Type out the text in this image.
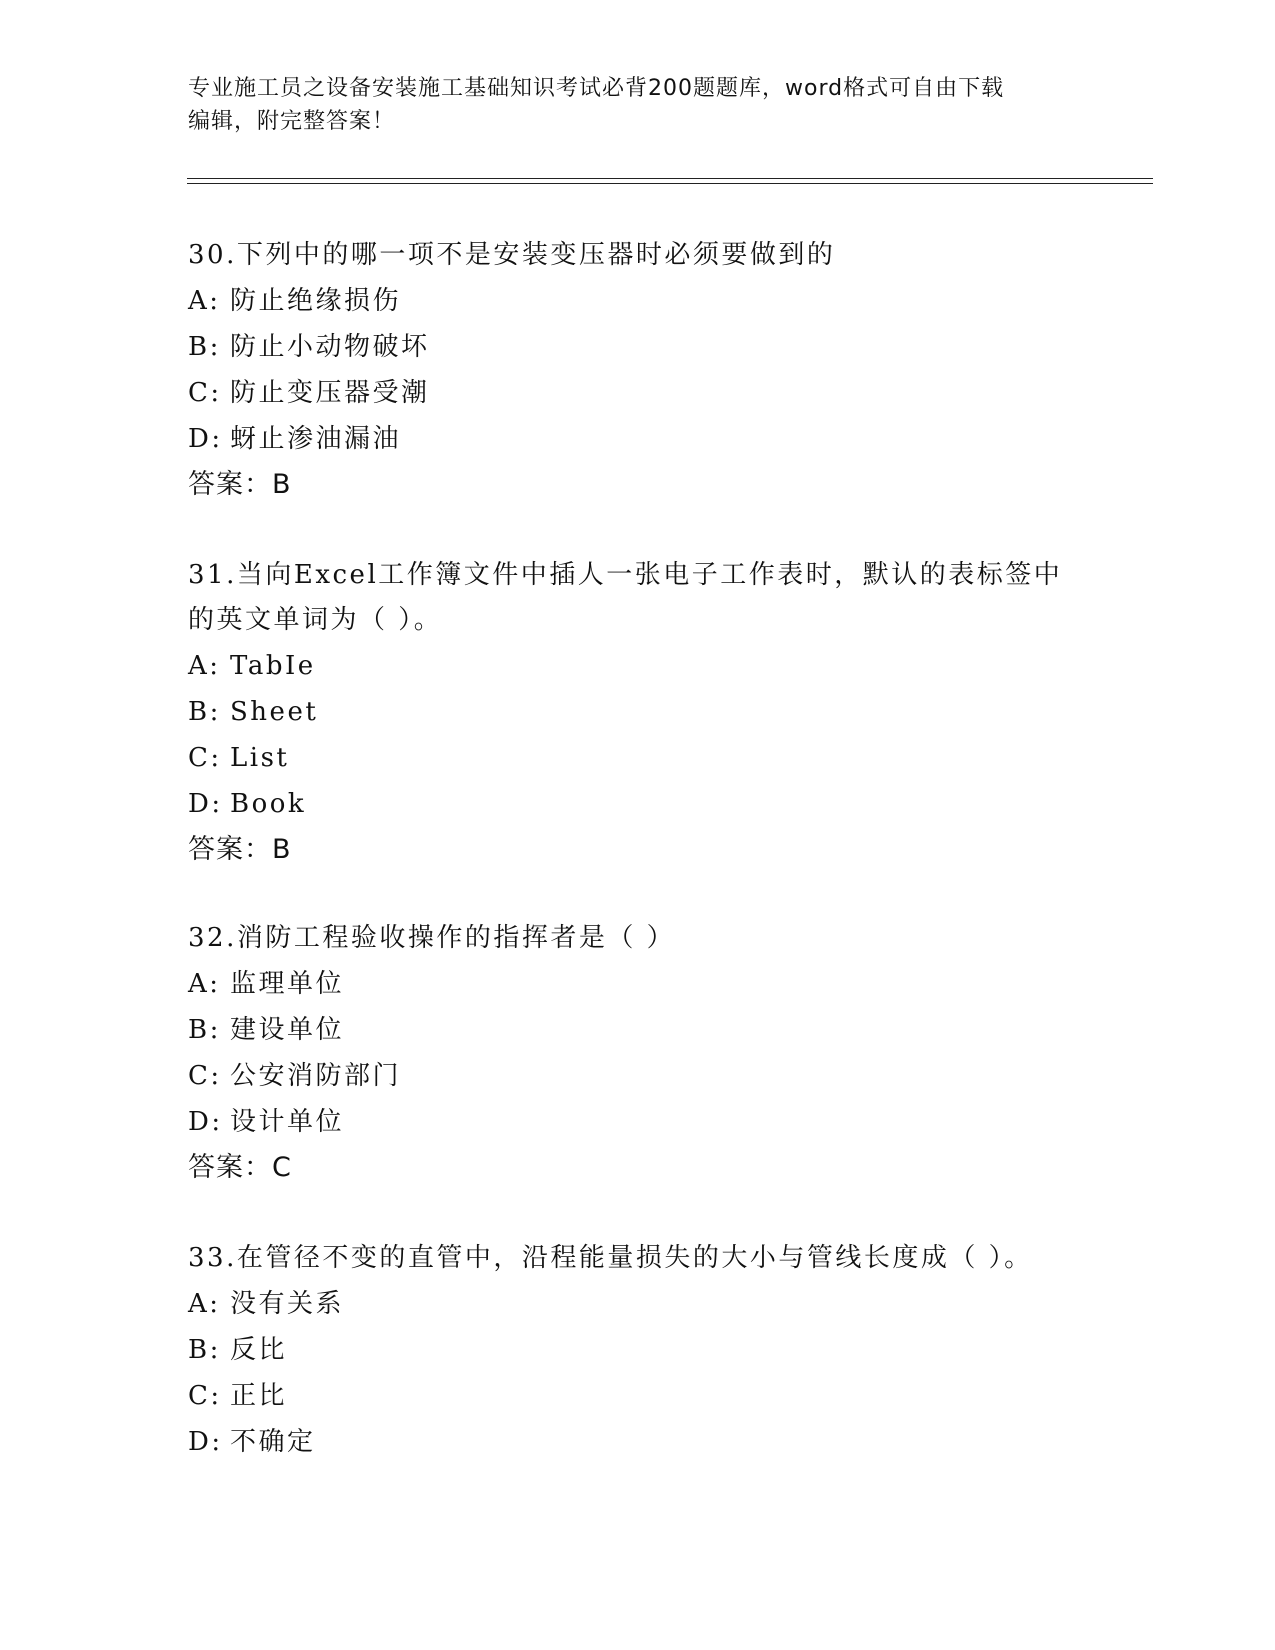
专业施工员之设备安装施工基础知识考试必背200题题库，word格式可自由下载
编辑，附完整答案！
30.下列中的哪一项不是安装变压器时必须要做到的
A: 防止绝缘损伤
B: 防止小动物破坏
C: 防止变压器受潮
D: 蚜止渗油漏油
答案：B
31.当向Excel工作簿文件中插人一张电子工作表时，默认的表标签中
的英文单词为（ ）。
A: TabIe
B: Sheet
C: List
D: Book
答案：B
32.消防工程验收操作的指挥者是（ ）
A: 监理单位
B: 建设单位
C: 公安消防部门
D: 设计单位
答案：C
33.在管径不变的直管中，沿程能量损失的大小与管线长度成（ ）。
A: 没有关系
B: 反比
C: 正比
D: 不确定
